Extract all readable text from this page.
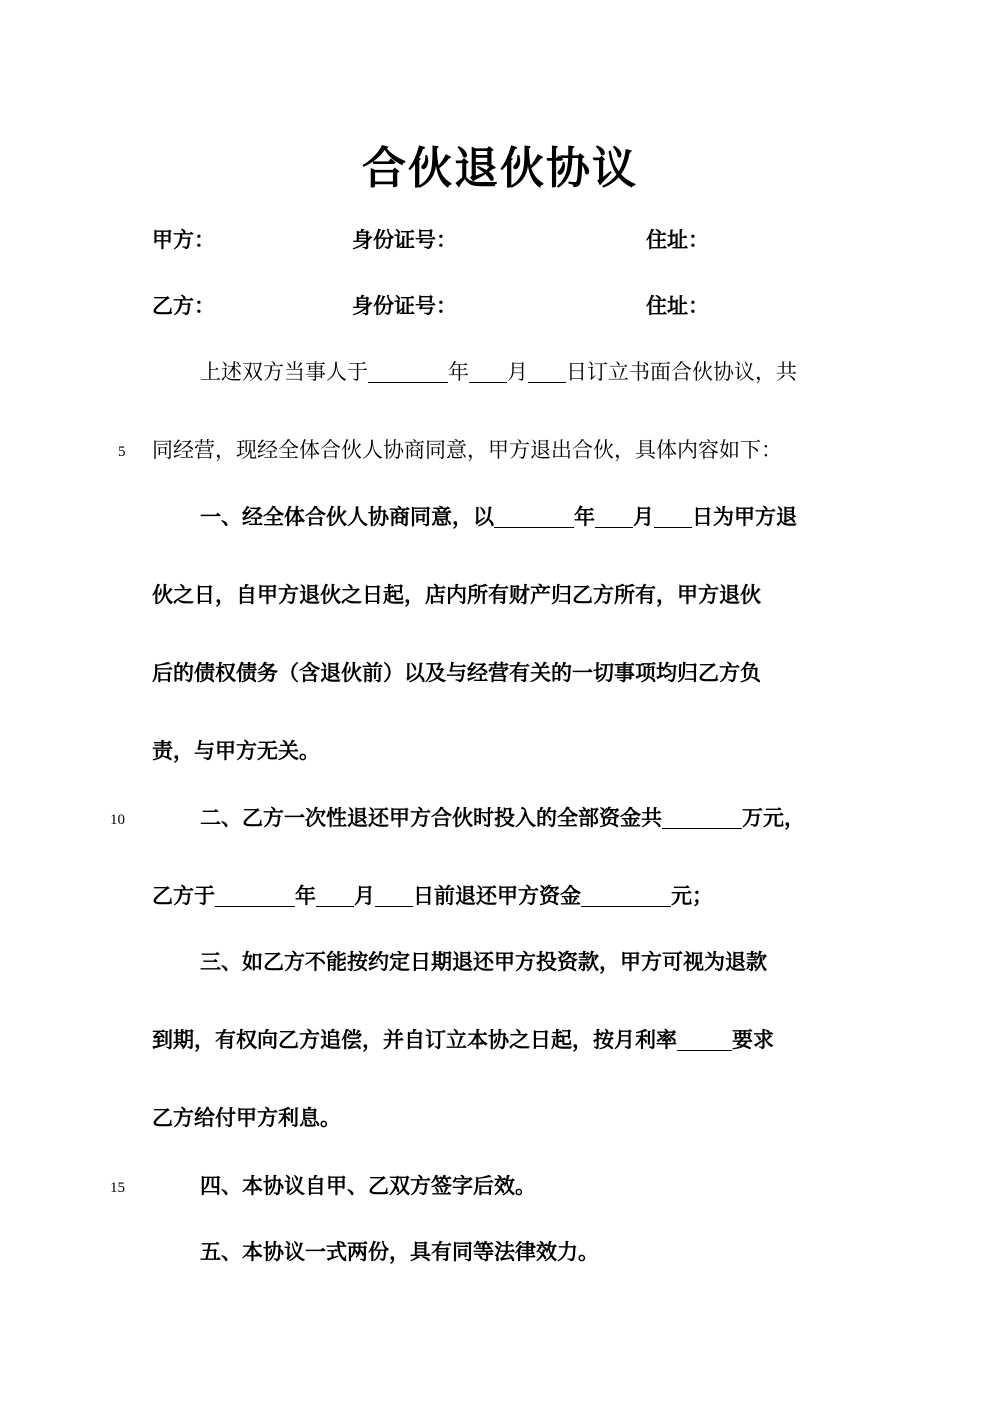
合伙退伙协议
甲方：	身份证号：	住址：
乙方：	身份证号：	住址：
上述双方当事人于	年 月 日订立书面合伙协议，共
5 同经营，现经全体合伙人协商同意，甲方退出合伙，具体内容如下：
一、经全体合伙人协商同意，以	年 月 日为甲方退
伙之日，自甲方退伙之日起，店内所有财产归乙方所有，甲方退伙
后的债权债务（含退伙前）以及与经营有关的一切事项均归乙方负
责，与甲方无关。
10	二、乙方一次性退还甲方合伙时投入的全部资金共	万元，
乙方于	年 月 日前退还甲方资金	元；
三、如乙方不能按约定日期退还甲方投资款，甲方可视为退款
到期，有权向乙方追偿，并自订立本协之日起，按月利率	要求
乙方给付甲方利息。
15	四、本协议自甲、乙双方签字后效。
五、本协议一式两份，具有同等法律效力。
